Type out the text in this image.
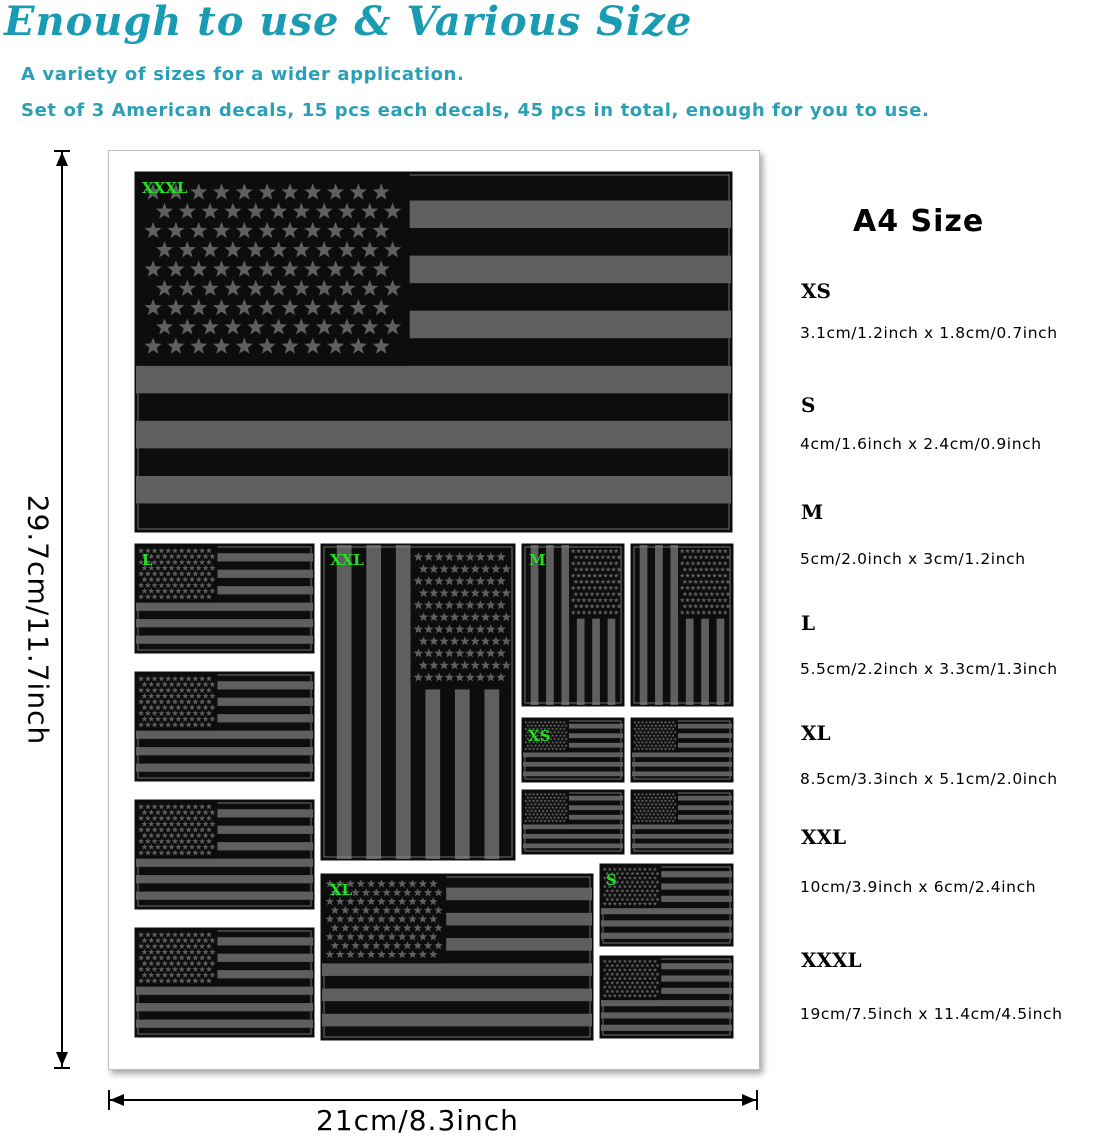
Enough to use & Various Size
A variety of sizes for a wider application.
Set of 3 American decals, 15 pcs each decals, 45 pcs in total, enough for you to use.
29.7cm/11.7inch
21cm/8.3inch
XXXL
L	XXL	M
XS
S
XL
A4 Size
XS
3.1cm/1.2inch x 1.8cm/0.7inch
S
4cm/1.6inch x 2.4cm/0.9inch
M
5cm/2.0inch x 3cm/1.2inch
L
5.5cm/2.2inch x 3.3cm/1.3inch
XL
8.5cm/3.3inch x 5.1cm/2.0inch
XXL
10cm/3.9inch x 6cm/2.4inch
XXXL
19cm/7.5inch x 11.4cm/4.5inch
